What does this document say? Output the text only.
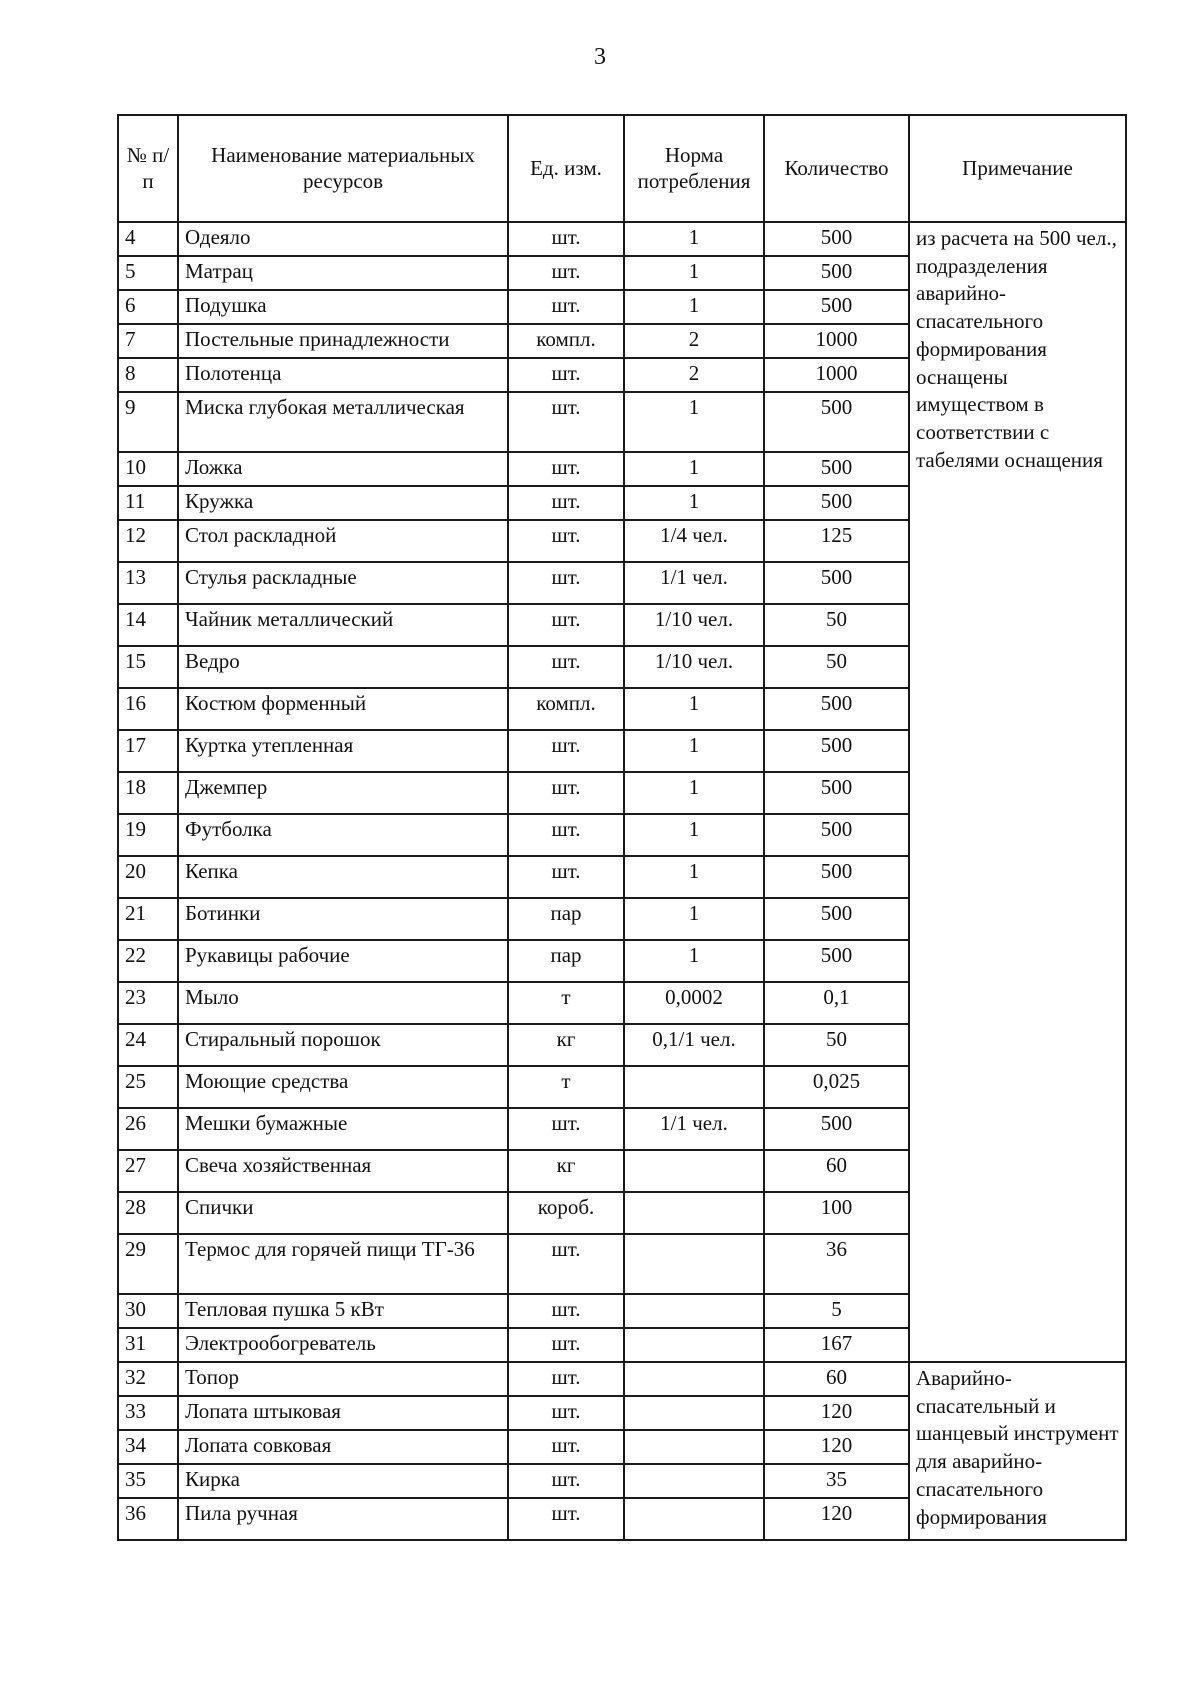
3
№ п/п	Наименование материальных ресурсов	Ед. изм.	Норма потребления	Количество	Примечание
4	Одеяло	шт.	1	500	из расчета на 500 чел., подразделения аварийно-спасательного формирования оснащены имуществом в соответствии с табелями оснащения
5	Матрац	шт.	1	500	
6	Подушка	шт.	1	500	
7	Постельные принадлежности	компл.	2	1000	
8	Полотенца	шт.	2	1000	
9	Миска глубокая металлическая	шт.	1	500	
10	Ложка	шт.	1	500	
11	Кружка	шт.	1	500	
12	Стол раскладной	шт.	1/4 чел.	125	
13	Стулья раскладные	шт.	1/1 чел.	500	
14	Чайник металлический	шт.	1/10 чел.	50	
15	Ведро	шт.	1/10 чел.	50	
16	Костюм форменный	компл.	1	500	
17	Куртка утепленная	шт.	1	500	
18	Джемпер	шт.	1	500	
19	Футболка	шт.	1	500	
20	Кепка	шт.	1	500	
21	Ботинки	пар	1	500	
22	Рукавицы рабочие	пар	1	500	
23	Мыло	т	0,0002	0,1	
24	Стиральный порошок	кг	0,1/1 чел.	50	
25	Моющие средства	т		0,025	
26	Мешки бумажные	шт.	1/1 чел.	500	
27	Свеча хозяйственная	кг		60	
28	Спички	короб.		100	
29	Термос для горячей пищи ТГ-36	шт.		36	
30	Тепловая пушка 5 кВт	шт.		5	
31	Электрообогреватель	шт.		167	
32	Топор	шт.		60	Аварийно-спасательный и шанцевый инструмент для аварийно-спасательного формирования
33	Лопата штыковая	шт.		120	
34	Лопата совковая	шт.		120	
35	Кирка	шт.		35	
36	Пила ручная	шт.		120	
